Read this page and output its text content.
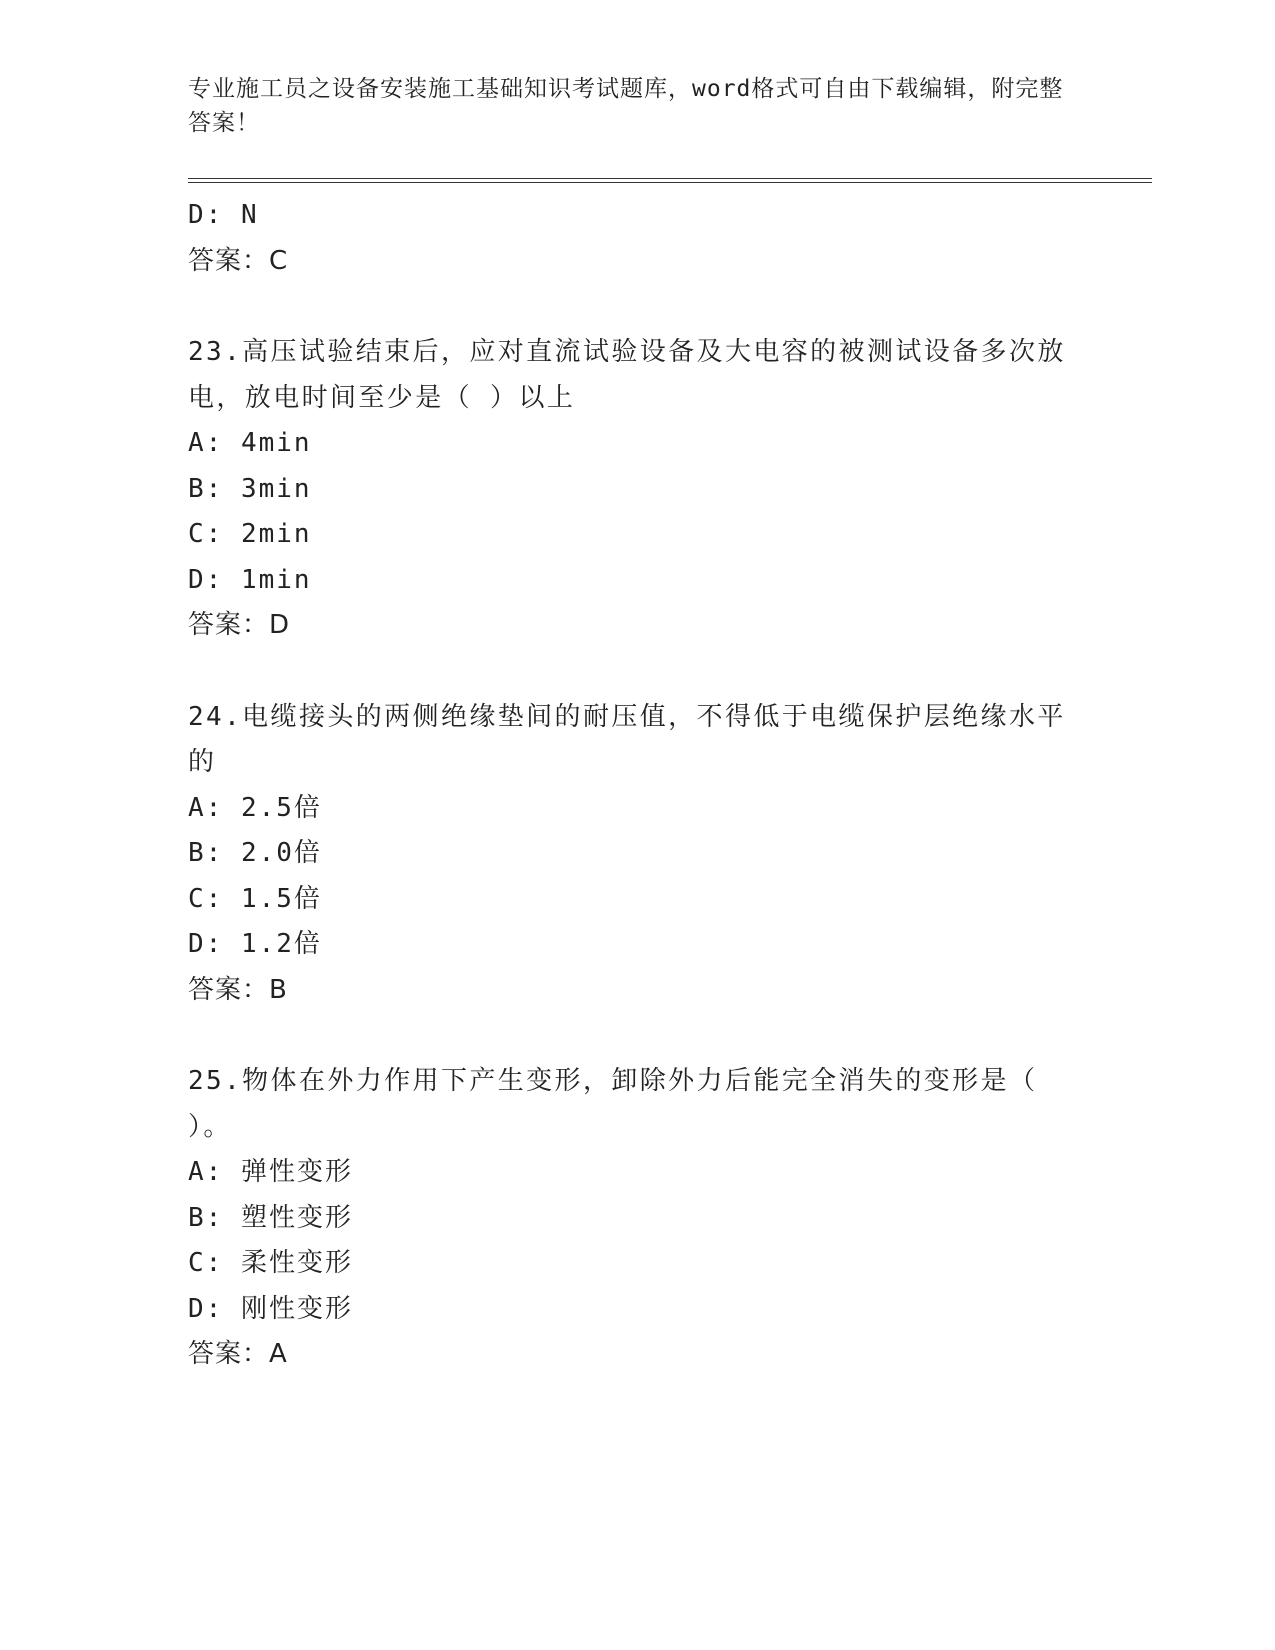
专业施工员之设备安装施工基础知识考试题库，word格式可自由下载编辑，附完整答案！
D: N
答案：C
23.高压试验结束后，应对直流试验设备及大电容的被测试设备多次放电，放电时间至少是（ ）以上
A: 4min
B: 3min
C: 2min
D: 1min
答案：D
24.电缆接头的两侧绝缘垫间的耐压值，不得低于电缆保护层绝缘水平的
A: 2.5倍
B: 2.0倍
C: 1.5倍
D: 1.2倍
答案：B
25.物体在外力作用下产生变形，卸除外力后能完全消失的变形是（ ）。
A: 弹性变形
B: 塑性变形
C: 柔性变形
D: 刚性变形
答案：A
